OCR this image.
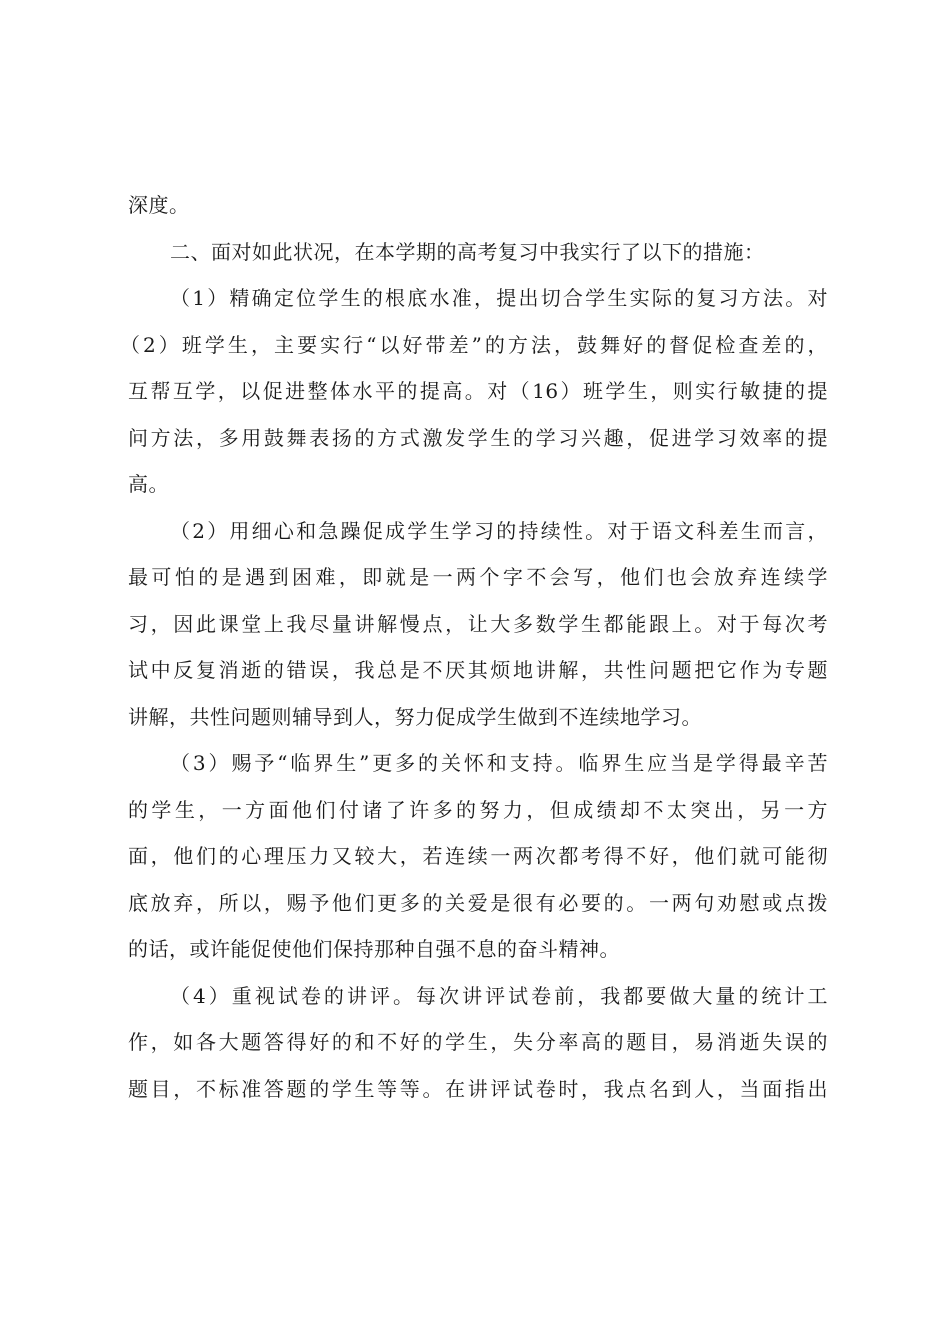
深度。
二、面对如此状况，在本学期的高考复习中我实行了以下的措施：
（1）精确定位学生的根底水准，提出切合学生实际的复习方法。对
（2）班学生，主要实行“以好带差”的方法，鼓舞好的督促检查差的，
互帮互学，以促进整体水平的提高。对（16）班学生，则实行敏捷的提
问方法，多用鼓舞表扬的方式激发学生的学习兴趣，促进学习效率的提
高。
（2）用细心和急躁促成学生学习的持续性。对于语文科差生而言，
最可怕的是遇到困难，即就是一两个字不会写，他们也会放弃连续学
习，因此课堂上我尽量讲解慢点，让大多数学生都能跟上。对于每次考
试中反复消逝的错误，我总是不厌其烦地讲解，共性问题把它作为专题
讲解，共性问题则辅导到人，努力促成学生做到不连续地学习。
（3）赐予“临界生”更多的关怀和支持。临界生应当是学得最辛苦
的学生，一方面他们付诸了许多的努力，但成绩却不太突出，另一方
面，他们的心理压力又较大，若连续一两次都考得不好，他们就可能彻
底放弃，所以，赐予他们更多的关爱是很有必要的。一两句劝慰或点拨
的话，或许能促使他们保持那种自强不息的奋斗精神。
（4）重视试卷的讲评。每次讲评试卷前，我都要做大量的统计工
作，如各大题答得好的和不好的学生，失分率高的题目，易消逝失误的
题目，不标准答题的学生等等。在讲评试卷时，我点名到人，当面指出
